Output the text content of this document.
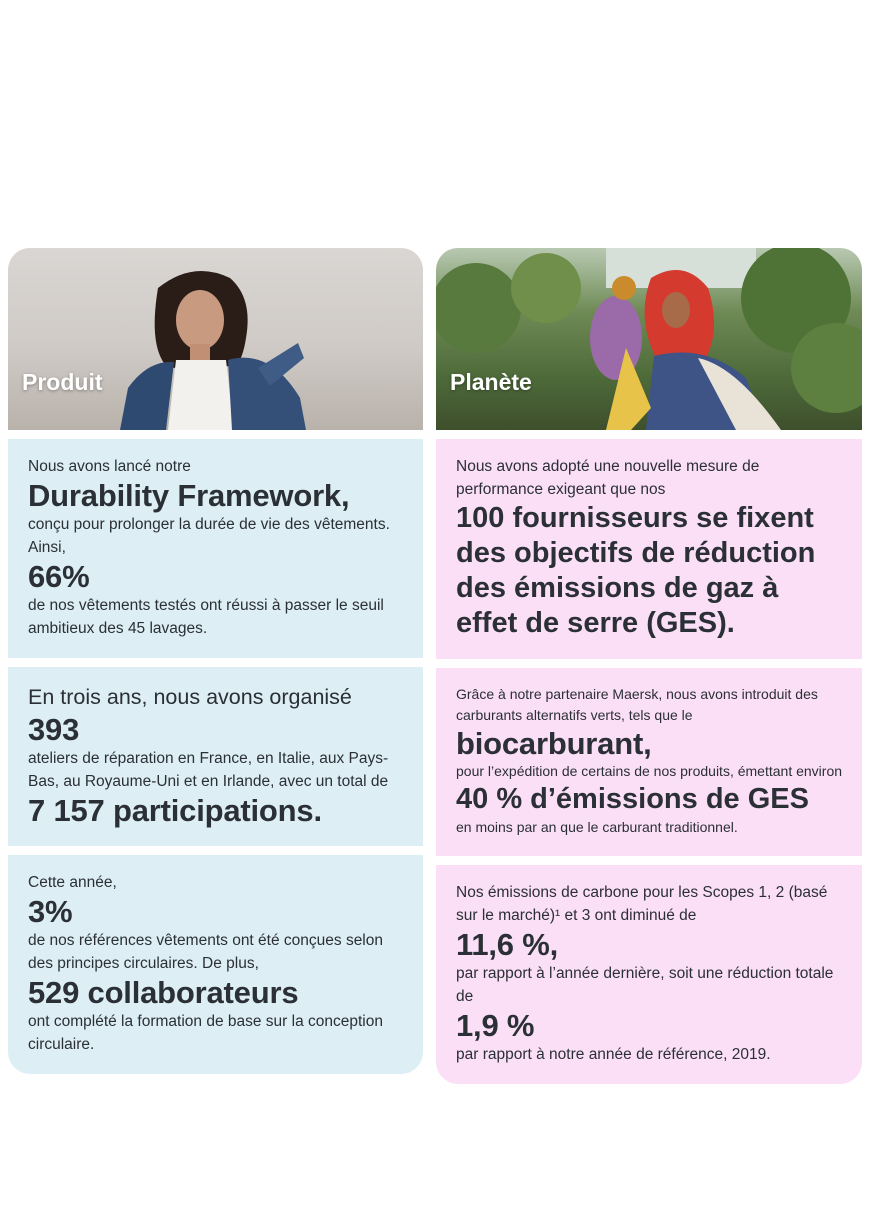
Produit
Nous avons lancé notre
Durability Framework,
conçu pour prolonger la durée de vie des vêtements. Ainsi,
66%
de nos vêtements testés ont réussi à passer le seuil ambitieux des 45 lavages.
En trois ans, nous avons organisé
393
ateliers de réparation en France, en Italie, aux Pays-Bas, au Royaume-Uni et en Irlande, avec un total de
7 157 participations.
Cette année,
3%
de nos références vêtements ont été conçues selon des principes circulaires. De plus,
529 collaborateurs
ont complété la formation de base sur la conception circulaire.
Planète
Nous avons adopté une nouvelle mesure de performance exigeant que nos
100 fournisseurs se fixent des objectifs de réduction des émissions de gaz à effet de serre (GES).
Grâce à notre partenaire Maersk, nous avons introduit des carburants alternatifs verts, tels que le
biocarburant,
pour l’expédition de certains de nos produits, émettant environ
40 % d’émissions de GES
en moins par an que le carburant traditionnel.
Nos émissions de carbone pour les Scopes 1, 2 (basé sur le marché)¹ et 3 ont diminué de
11,6 %,
par rapport à l’année dernière, soit une réduction totale de
1,9 %
par rapport à notre année de référence, 2019.
